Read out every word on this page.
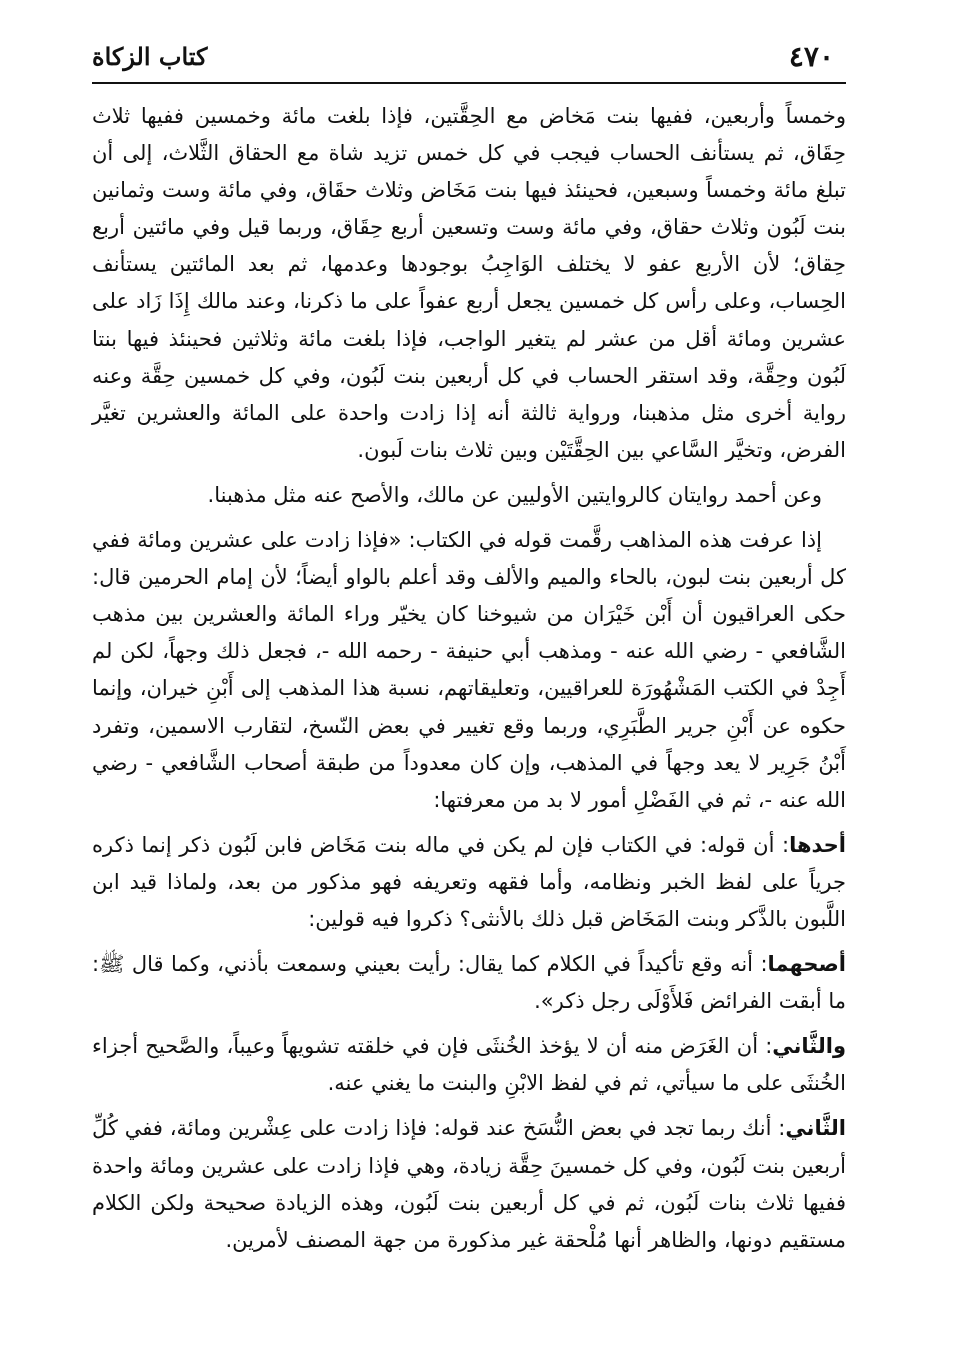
٤٧٠
كتاب الزكاة

وخمساً وأربعين، ففيها بنت مَخاض مع الحِقَّتين، فإذا بلغت مائة وخمسين ففيها ثلاث حِقَاق، ثم يستأنف الحساب فيجب في كل خمس تزيد شاة مع الحقاق الثَّلاث، إلى أن تبلغ مائة وخمساً وسبعين، فحينئذ فيها بنت مَخَاض وثلاث حقَاق، وفي مائة وست وثمانين بنت لَبُون وثلاث حقاق، وفي مائة وست وتسعين أربع حِقَاق، وربما قيل وفي مائتين أربع حِقاق؛ لأن الأربع عفو لا يختلف الوَاجِبُ بوجودها وعدمها، ثم بعد المائتين يستأنف الحِساب، وعلى رأس كل خمسين يجعل أربع عفواً على ما ذكرنا، وعند مالك إِذَا زَاد على عشرين ومائة أقل من عشر لم يتغير الواجب، فإذا بلغت مائة وثلاثين فحينئذ فيها بنتا لَبُون وحِقَّة، وقد استقر الحساب في كل أربعين بنت لَبُون، وفي كل خمسين حِقَّة وعنه رواية أخرى مثل مذهبنا، ورواية ثالثة أنه إذا زادت واحدة على المائة والعشرين تغيَّر الفرض، وتخيَّر السَّاعي بين الحِقَّتَيْن وبين ثلاث بنات لَبون.

وعن أحمد روايتان كالروايتين الأوليين عن مالك، والأصح عنه مثل مذهبنا.

إذا عرفت هذه المذاهب رقَّمت قوله في الكتاب: «فإذا زادت على عشرين ومائة ففي كل أربعين بنت لبون، بالحاء والميم والألف وقد أعلم بالواو أيضاً؛ لأن إمام الحرمين قال: حكى العراقيون أن أَبْن خَيْرَان من شيوخنا كان يخيّر وراء المائة والعشرين بين مذهب الشَّافعي - رضي الله عنه - ومذهب أبي حنيفة - رحمه الله -، فجعل ذلك وجهاً، لكن لم أَجِدْ في الكتب المَشْهُورَة للعراقيين، وتعليقاتهم، نسبة هذا المذهب إلى أَبْنِ خيران، وإنما حكوه عن أَبْنِ جرير الطَّبَرِي، وربما وقع تغيير في بعض النّسخ، لتقارب الاسمين، وتفرد أَبْنُ جَرِير لا يعد وجهاً في المذهب، وإن كان معدوداً من طبقة أصحاب الشَّافعي - رضي الله عنه -، ثم في الفَضْلِ أمور لا بد من معرفتها:

أحدها: أن قوله: في الكتاب فإن لم يكن في ماله بنت مَخَاض فابن لَبُون ذكر إنما ذكره جرياً على لفظ الخبر ونظامه، وأما فقهه وتعريفه فهو مذكور من بعد، ولماذا قيد ابن اللَّبون بالذَّكر وبنت المَخَاض قبل ذلك بالأنثى؟ ذكروا فيه قولين:

أصحهما: أنه وقع تأكيداً في الكلام كما يقال: رأيت بعيني وسمعت بأذني، وكما قال ﷺ: ما أبقت الفرائض فَلأَوْلَى رجل ذكر».

والثَّاني: أن الغَرَض منه أن لا يؤخذ الخُنثَى فإن في خلقته تشويهاً وعيباً، والصَّحيح أجزاء الخُنثَى على ما سيأتي، ثم في لفظ الابْنِ والبنت ما يغني عنه.

الثَّاني: أنك ربما تجد في بعض النُّسَخ عند قوله: فإذا زادت على عِشْرين ومائة، ففي كُلِّ أربعين بنت لَبُون، وفي كل خمسينَ حِقَّة زيادة، وهي فإذا زادت على عشرين ومائة واحدة ففيها ثلاث بنات لَبُون، ثم في كل أربعين بنت لَبُون، وهذه الزيادة صحيحة ولكن الكلام مستقيم دونها، والظاهر أنها مُلْحقة غير مذكورة من جهة المصنف لأمرين.
